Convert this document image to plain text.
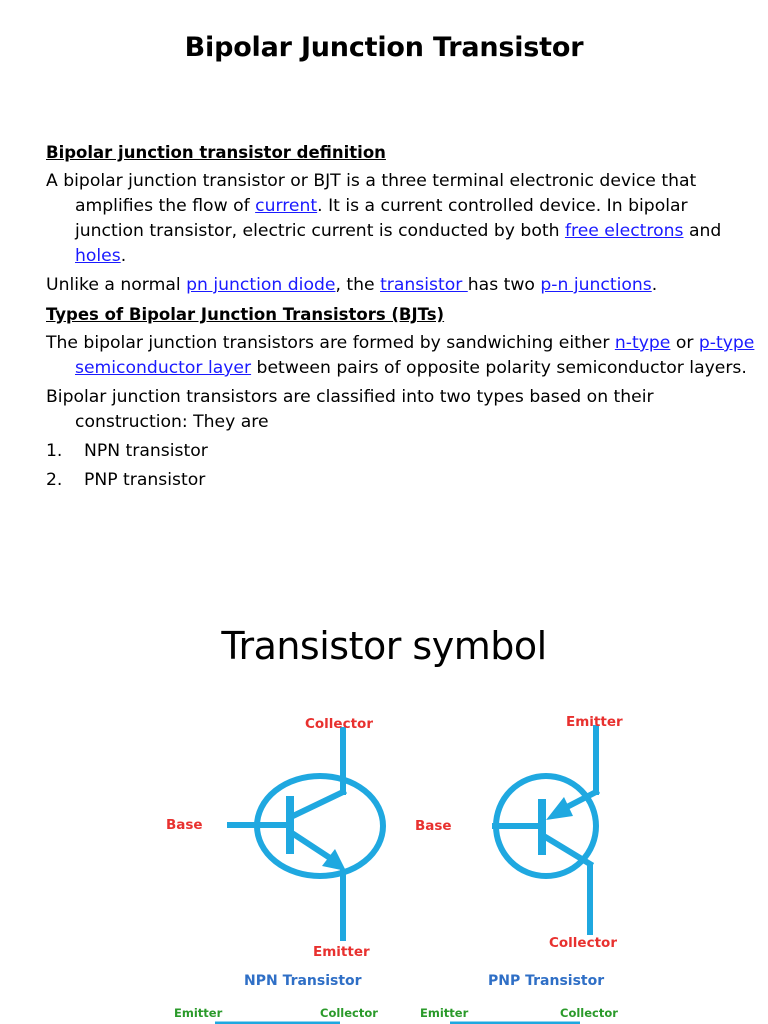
Bipolar Junction Transistor
Bipolar junction transistor definition
A bipolar junction transistor or BJT is a three terminal electronic device that amplifies the flow of current. It is a current controlled device. In bipolar junction transistor, electric current is conducted by both free electrons and holes.
Unlike a normal pn junction diode, the transistor has two p-n junctions.
Types of Bipolar Junction Transistors (BJTs)
The bipolar junction transistors are formed by sandwiching either n-type or p-type semiconductor layer between pairs of opposite polarity semiconductor layers.
Bipolar junction transistors are classified into two types based on their construction: They are
1.	NPN transistor
2.	PNP transistor
Transistor symbol
Collector
Base
Emitter
NPN Transistor
Emitter
Base
Collector
PNP Transistor
Emitter	Collector	Emitter	Collector
